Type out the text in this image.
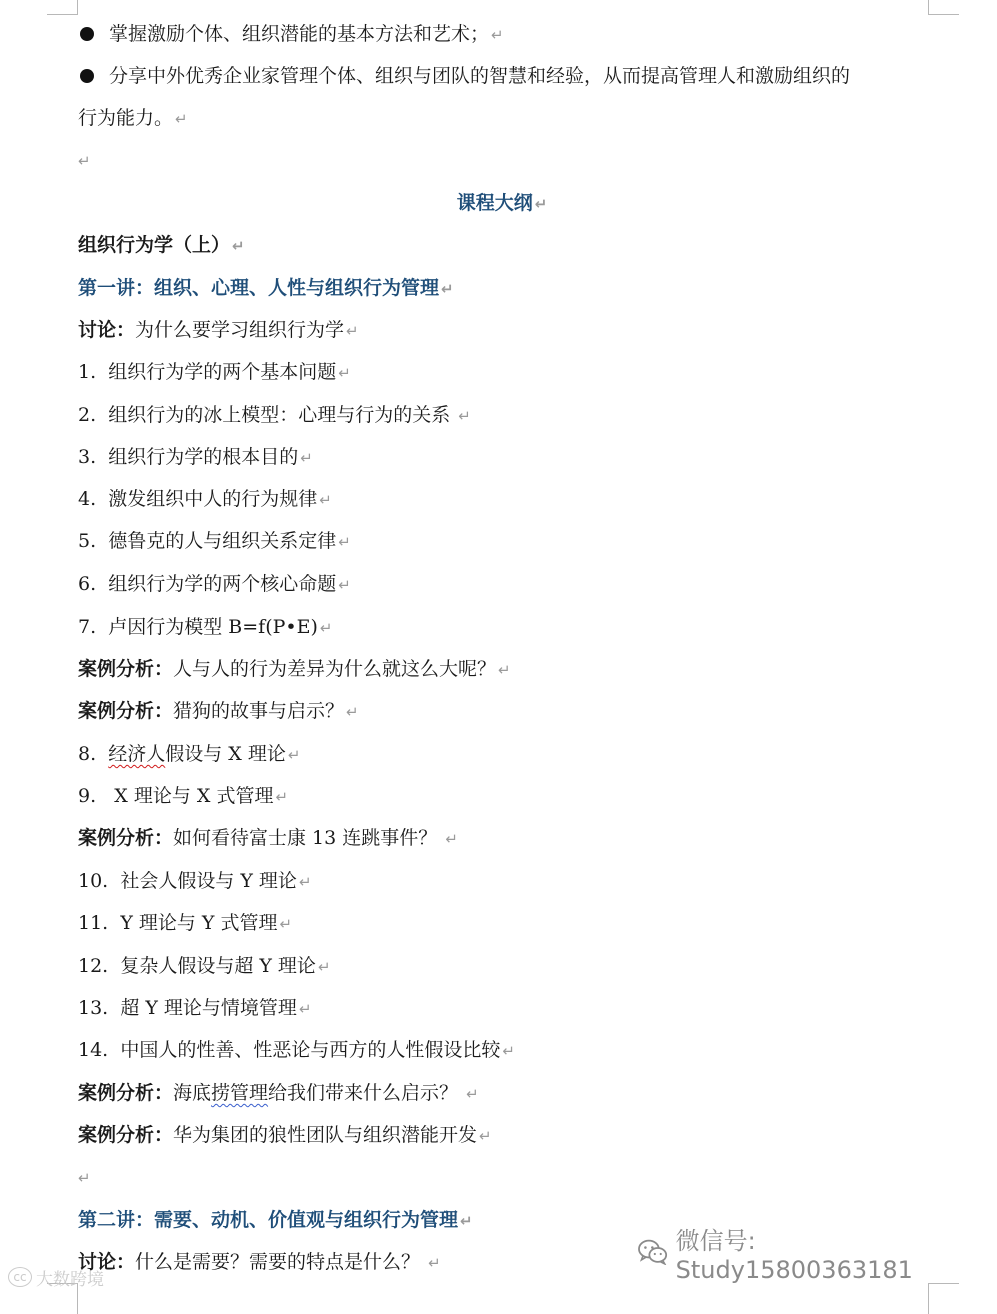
掌握激励个体、组织潜能的基本方法和艺术； ↵
分享中外优秀企业家管理个体、组织与团队的智慧和经验，从而提高管理人和激励组织的
行为能力。 ↵
↵
课程大纲 ↵
组织行为学（上） ↵
第一讲：组织、心理、人性与组织行为管理 ↵
讨论：为什么要学习组织行为学 ↵
1. 组织行为学的两个基本问题 ↵
2. 组织行为的冰上模型：心理与行为的关系 ↵
3. 组织行为学的根本目的 ↵
4. 激发组织中人的行为规律 ↵
5. 德鲁克的人与组织关系定律 ↵
6. 组织行为学的两个核心命题 ↵
7. 卢因行为模型 B=f(P•E) ↵
案例分析：人与人的行为差异为什么就这么大呢？ ↵
案例分析：猎狗的故事与启示？ ↵
8. 经济人假设与 X 理论 ↵
9.   X 理论与 X 式管理 ↵
案例分析：如何看待富士康 13 连跳事件？ ↵
10. 社会人假设与 Y 理论 ↵
11. Y 理论与 Y 式管理 ↵
12. 复杂人假设与超 Y 理论 ↵
13. 超 Y 理论与情境管理 ↵
14. 中国人的性善、性恶论与西方的人性假设比较 ↵
案例分析：海底捞管理给我们带来什么启示？ ↵
案例分析：华为集团的狼性团队与组织潜能开发 ↵
↵
第二讲：需要、动机、价值观与组织行为管理 ↵
讨论：什么是需要？需要的特点是什么？ ↵
cc 大数跨境
微信号: Study15800363181
